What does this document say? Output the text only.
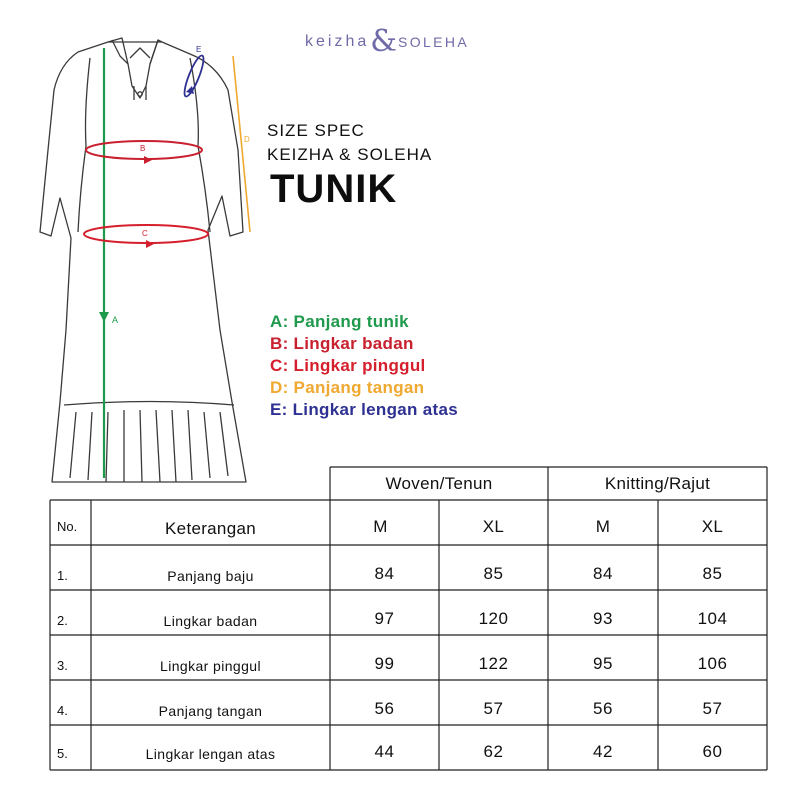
keizha & SOLEHA
A
B
C
D
E
SIZE SPEC
KEIZHA & SOLEHA
TUNIK
A: Panjang tunik
B: Lingkar badan
C: Lingkar pinggul
D: Panjang tangan
E: Lingkar lengan atas
Woven/Tenun	Knitting/Rajut
No.	Keterangan	M	XL	M	XL
1.	Panjang baju	84	85	84	85
2.	Lingkar badan	97	120	93	104
3.	Lingkar pinggul	99	122	95	106
4.	Panjang tangan	56	57	56	57
5.	Lingkar lengan atas	44	62	42	60
